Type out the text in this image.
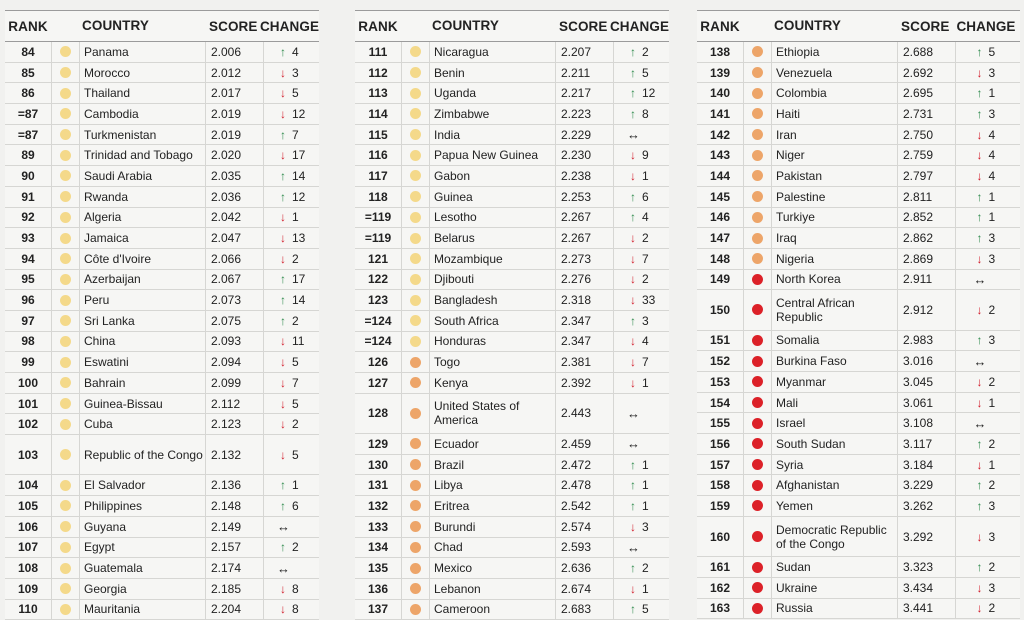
RANK	COUNTRY	SCORE CHANGE
84	Panama	2.006	↑ 4
85	Morocco	2.012	↓ 3
86	Thailand	2.017	↓ 5
=87	Cambodia	2.019	↓ 12
=87	Turkmenistan	2.019	↑ 7
89	Trinidad and Tobago	2.020	↓ 17
90	Saudi Arabia	2.035	↑ 14
91	Rwanda	2.036	↑ 12
92	Algeria	2.042	↓ 1
93	Jamaica	2.047	↓ 13
94	Côte d'Ivoire	2.066	↓ 2
95	Azerbaijan	2.067	↑ 17
96	Peru	2.073	↑ 14
97	Sri Lanka	2.075	↑ 2
98	China	2.093	↓ 11
99	Eswatini	2.094	↓ 5
100	Bahrain	2.099	↓ 7
101	Guinea-Bissau	2.112	↓ 5
102	Cuba	2.123	↓ 2
103	Republic of the Congo 2.132	↓ 5
104	El Salvador	2.136	↑ 1
105	Philippines	2.148	↑ 6
106	Guyana	2.149	↔
107	Egypt	2.157	↑ 2
108	Guatemala	2.174	↔
109	Georgia	2.185	↓ 8
110	Mauritania	2.204	↓ 8
RANK	COUNTRY	SCORE CHANGE
111	Nicaragua	2.207	↑ 2
112	Benin	2.211	↑ 5
113	Uganda	2.217	↑ 12
114	Zimbabwe	2.223	↑ 8
115	India	2.229	↔
116	Papua New Guinea	2.230	↓ 9
117	Gabon	2.238	↓ 1
118	Guinea	2.253	↑ 6
=119	Lesotho	2.267	↑ 4
=119	Belarus	2.267	↓ 2
121	Mozambique	2.273	↓ 7
122	Djibouti	2.276	↓ 2
123	Bangladesh	2.318	↓ 33
=124	South Africa	2.347	↑ 3
=124	Honduras	2.347	↓ 4
126	Togo	2.381	↓ 7
127	Kenya	2.392	↓ 1
128	United States of America	2.443	↔
129	Ecuador	2.459	↔
130	Brazil	2.472	↑ 1
131	Libya	2.478	↑ 1
132	Eritrea	2.542	↑ 1
133	Burundi	2.574	↓ 3
134	Chad	2.593	↔
135	Mexico	2.636	↑ 2
136	Lebanon	2.674	↓ 1
137	Cameroon	2.683	↑ 5
RANK	COUNTRY	SCORE CHANGE
138	Ethiopia	2.688	↑ 5
139	Venezuela	2.692	↓ 3
140	Colombia	2.695	↑ 1
141	Haiti	2.731	↑ 3
142	Iran	2.750	↓ 4
143	Niger	2.759	↓ 4
144	Pakistan	2.797	↓ 4
145	Palestine	2.811	↑ 1
146	Turkiye	2.852	↑ 1
147	Iraq	2.862	↑ 3
148	Nigeria	2.869	↓ 3
149	North Korea	2.911	↔
150	Central African Republic	2.912	↓ 2
151	Somalia	2.983	↑ 3
152	Burkina Faso	3.016	↔
153	Myanmar	3.045	↓ 2
154	Mali	3.061	↓ 1
155	Israel	3.108	↔
156	South Sudan	3.117	↑ 2
157	Syria	3.184	↓ 1
158	Afghanistan	3.229	↑ 2
159	Yemen	3.262	↑ 3
160	Democratic Republic of the Congo	3.292	↓ 3
161	Sudan	3.323	↑ 2
162	Ukraine	3.434	↓ 3
163	Russia	3.441	↓ 2
